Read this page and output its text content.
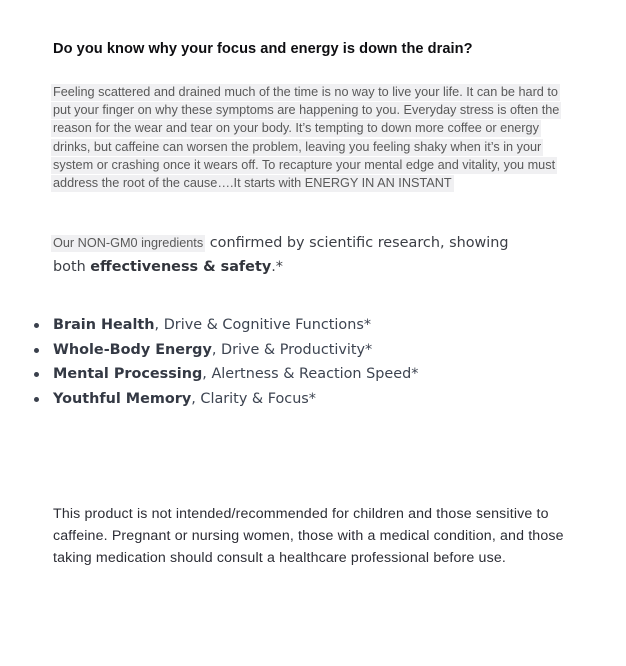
Do you know why your focus and energy is down the drain?

Feeling scattered and drained much of the time is no way to live your life. It can be hard to
put your finger on why these symptoms are happening to you. Everyday stress is often the
reason for the wear and tear on your body. It’s tempting to down more coffee or energy
drinks, but caffeine can worsen the problem, leaving you feeling shaky when it’s in your
system or crashing once it wears off. To recapture your mental edge and vitality, you must
address the root of the cause….It starts with ENERGY IN AN INSTANT

Our NON-GM0 ingredients confirmed by scientific research, showing
both effectiveness & safety.*

Brain Health, Drive & Cognitive Functions*
Whole-Body Energy, Drive & Productivity*
Mental Processing, Alertness & Reaction Speed*
Youthful Memory, Clarity & Focus*

This product is not intended/recommended for children and those sensitive to
caffeine. Pregnant or nursing women, those with a medical condition, and those
taking medication should consult a healthcare professional before use.
